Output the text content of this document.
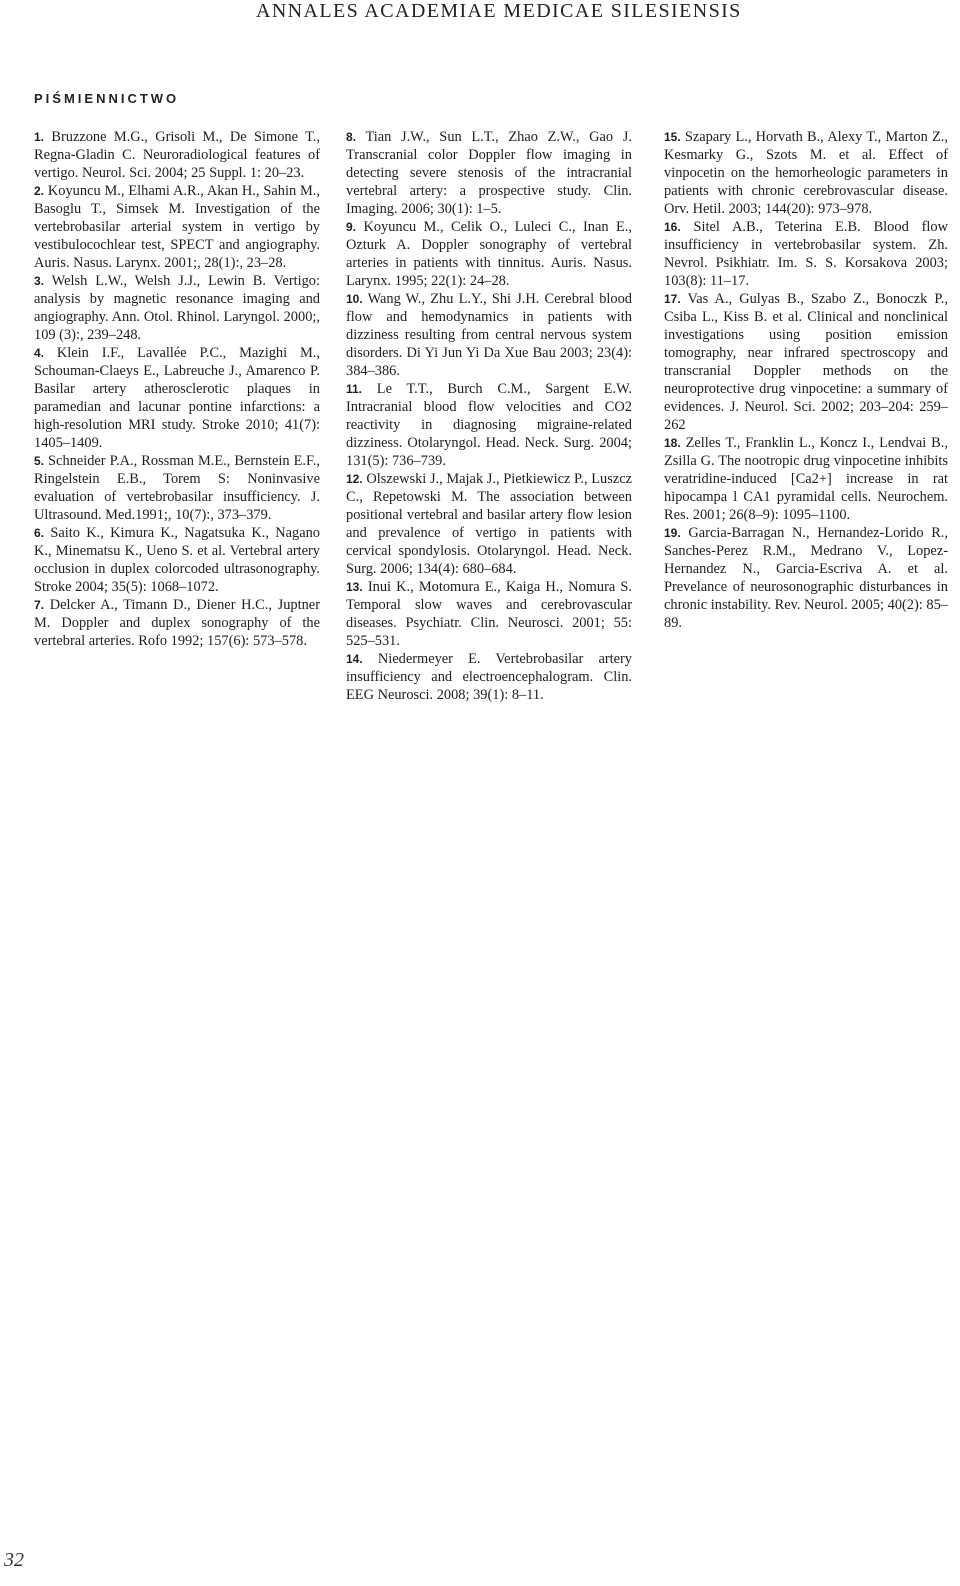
ANNALES ACADEMIAE MEDICAE SILESIENSIS
PIŚMIENNICTWO

1. Bruzzone M.G., Grisoli M., De Simone T., Regna-Gladin C. Neuroradiological features of vertigo. Neurol. Sci. 2004; 25 Suppl. 1: 20–23.

2. Koyuncu M., Elhami A.R., Akan H., Sahin M., Basoglu T., Simsek M. Investigation of the vertebrobasilar arterial system in vertigo by vestibulocochlear test, SPECT and angiography. Auris. Nasus. Larynx. 2001;, 28(1):, 23–28.

3. Welsh L.W., Welsh J.J., Lewin B. Vertigo: analysis by magnetic resonance imaging and angiography. Ann. Otol. Rhinol. Laryngol. 2000;, 109 (3):, 239–248.

4. Klein I.F., Lavallée P.C., Mazighi M., Schouman-Claeys E., Labreuche J., Amarenco P. Basilar artery atherosclerotic plaques in paramedian and lacunar pontine infarctions: a high-resolution MRI study. Stroke 2010; 41(7): 1405–1409.

5. Schneider P.A., Rossman M.E., Bernstein E.F., Ringelstein E.B., Torem S: Noninvasive evaluation of vertebrobasilar insufficiency. J. Ultrasound. Med.1991;, 10(7):, 373–379.

6. Saito K., Kimura K., Nagatsuka K., Nagano K., Minematsu K., Ueno S. et al. Vertebral artery occlusion in duplex colorcoded ultrasonography. Stroke 2004; 35(5): 1068–1072.

7. Delcker A., Timann D., Diener H.C., Juptner M. Doppler and duplex sonography of the vertebral arteries. Rofo 1992; 157(6): 573–578.

8. Tian J.W., Sun L.T., Zhao Z.W., Gao J. Transcranial color Doppler flow imaging in detecting severe stenosis of the intracranial vertebral artery: a prospective study. Clin. Imaging. 2006; 30(1): 1–5.

9. Koyuncu M., Celik O., Luleci C., Inan E., Ozturk A. Doppler sonography of vertebral arteries in patients with tinnitus. Auris. Nasus. Larynx. 1995; 22(1): 24–28.

10. Wang W., Zhu L.Y., Shi J.H. Cerebral blood flow and hemodynamics in patients with dizziness resulting from central nervous system disorders. Di Yi Jun Yi Da Xue Bau 2003; 23(4): 384–386.

11. Le T.T., Burch C.M., Sargent E.W. Intracranial blood flow velocities and CO2 reactivity in diagnosing migraine-related dizziness. Otolaryngol. Head. Neck. Surg. 2004; 131(5): 736–739.

12. Olszewski J., Majak J., Pietkiewicz P., Luszcz C., Repetowski M. The association between positional vertebral and basilar artery flow lesion and prevalence of vertigo in patients with cervical spondylosis. Otolaryngol. Head. Neck. Surg. 2006; 134(4): 680–684.

13. Inui K., Motomura E., Kaiga H., Nomura S. Temporal slow waves and cerebrovascular diseases. Psychiatr. Clin. Neurosci. 2001; 55: 525–531.

14. Niedermeyer E. Vertebrobasilar artery insufficiency and electroencephalogram. Clin. EEG Neurosci. 2008; 39(1): 8–11.

15. Szapary L., Horvath B., Alexy T., Marton Z., Kesmarky G., Szots M. et al. Effect of vinpocetin on the hemorheologic parameters in patients with chronic cerebrovascular disease. Orv. Hetil. 2003; 144(20): 973–978.

16. Sitel A.B., Teterina E.B. Blood flow insufficiency in vertebrobasilar system. Zh. Nevrol. Psikhiatr. Im. S. S. Korsakova 2003; 103(8): 11–17.

17. Vas A., Gulyas B., Szabo Z., Bonoczk P., Csiba L., Kiss B. et al. Clinical and nonclinical investigations using position emission tomography, near infrared spectroscopy and transcranial Doppler methods on the neuroprotective drug vinpocetine: a summary of evidences. J. Neurol. Sci. 2002; 203–204: 259–262

18. Zelles T., Franklin L., Koncz I., Lendvai B., Zsilla G. The nootropic drug vinpocetine inhibits veratridine-induced [Ca2+] increase in rat hipocampa l CA1 pyramidal cells. Neurochem. Res. 2001; 26(8–9): 1095–1100.

19. Garcia-Barragan N., Hernandez-Lorido R., Sanches-Perez R.M., Medrano V., Lopez-Hernandez N., Garcia-Escriva A. et al. Prevelance of neurosonographic disturbances in chronic instability. Rev. Neurol. 2005; 40(2): 85–89.

32
